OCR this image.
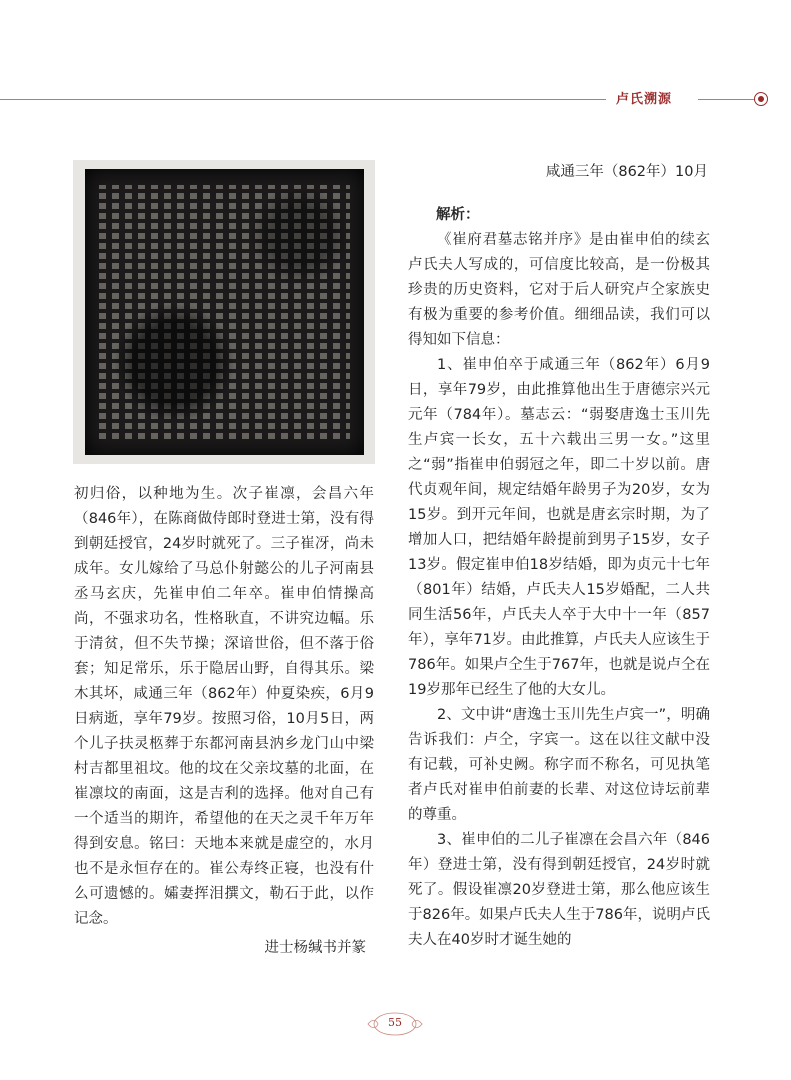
卢氏溯源

初归俗，以种地为生。次子崔凛，会昌六年（846年），在陈商做侍郎时登进士第，没有得到朝廷授官，24岁时就死了。三子崔冴，尚未成年。女儿嫁给了马总仆射懿公的儿子河南县丞马玄庆，先崔申伯二年卒。崔申伯情操高尚，不强求功名，性格耿直，不讲究边幅。乐于清贫，但不失节操；深谙世俗，但不落于俗套；知足常乐，乐于隐居山野，自得其乐。梁木其坏，咸通三年（862年）仲夏染疾，6月9日病逝，享年79岁。按照习俗，10月5日，两个儿子扶灵柩葬于东都河南县汭乡龙门山中梁村吉都里祖坟。他的坟在父亲坟墓的北面，在崔凛坟的南面，这是吉利的选择。他对自己有一个适当的期许，希望他的在天之灵千年万年得到安息。铭曰：天地本来就是虚空的，水月也不是永恒存在的。崔公寿终正寝，也没有什么可遗憾的。孀妻挥泪撰文，勒石于此，以作记念。

进士杨缄书并篆

咸通三年（862年）10月

解析：

《崔府君墓志铭并序》是由崔申伯的续玄卢氏夫人写成的，可信度比较高，是一份极其珍贵的历史资料，它对于后人研究卢仝家族史有极为重要的参考价值。细细品读，我们可以得知如下信息：

1、崔申伯卒于咸通三年（862年）6月9日，享年79岁，由此推算他出生于唐德宗兴元元年（784年）。墓志云：“弱娶唐逸士玉川先生卢宾一长女，五十六载出三男一女。”这里之“弱”指崔申伯弱冠之年，即二十岁以前。唐代贞观年间，规定结婚年龄男子为20岁，女为15岁。到开元年间，也就是唐玄宗时期，为了增加人口，把结婚年龄提前到男子15岁，女子13岁。假定崔申伯18岁结婚，即为贞元十七年（801年）结婚，卢氏夫人15岁婚配，二人共同生活56年，卢氏夫人卒于大中十一年（857年），享年71岁。由此推算，卢氏夫人应该生于786年。如果卢仝生于767年，也就是说卢仝在19岁那年已经生了他的大女儿。

2、文中讲“唐逸士玉川先生卢宾一”，明确告诉我们：卢仝，字宾一。这在以往文献中没有记载，可补史阙。称字而不称名，可见执笔者卢氏对崔申伯前妻的长辈、对这位诗坛前辈的尊重。

3、崔申伯的二儿子崔凛在会昌六年（846年）登进士第，没有得到朝廷授官，24岁时就死了。假设崔凛20岁登进士第，那么他应该生于826年。如果卢氏夫人生于786年，说明卢氏夫人在40岁时才诞生她的

55
